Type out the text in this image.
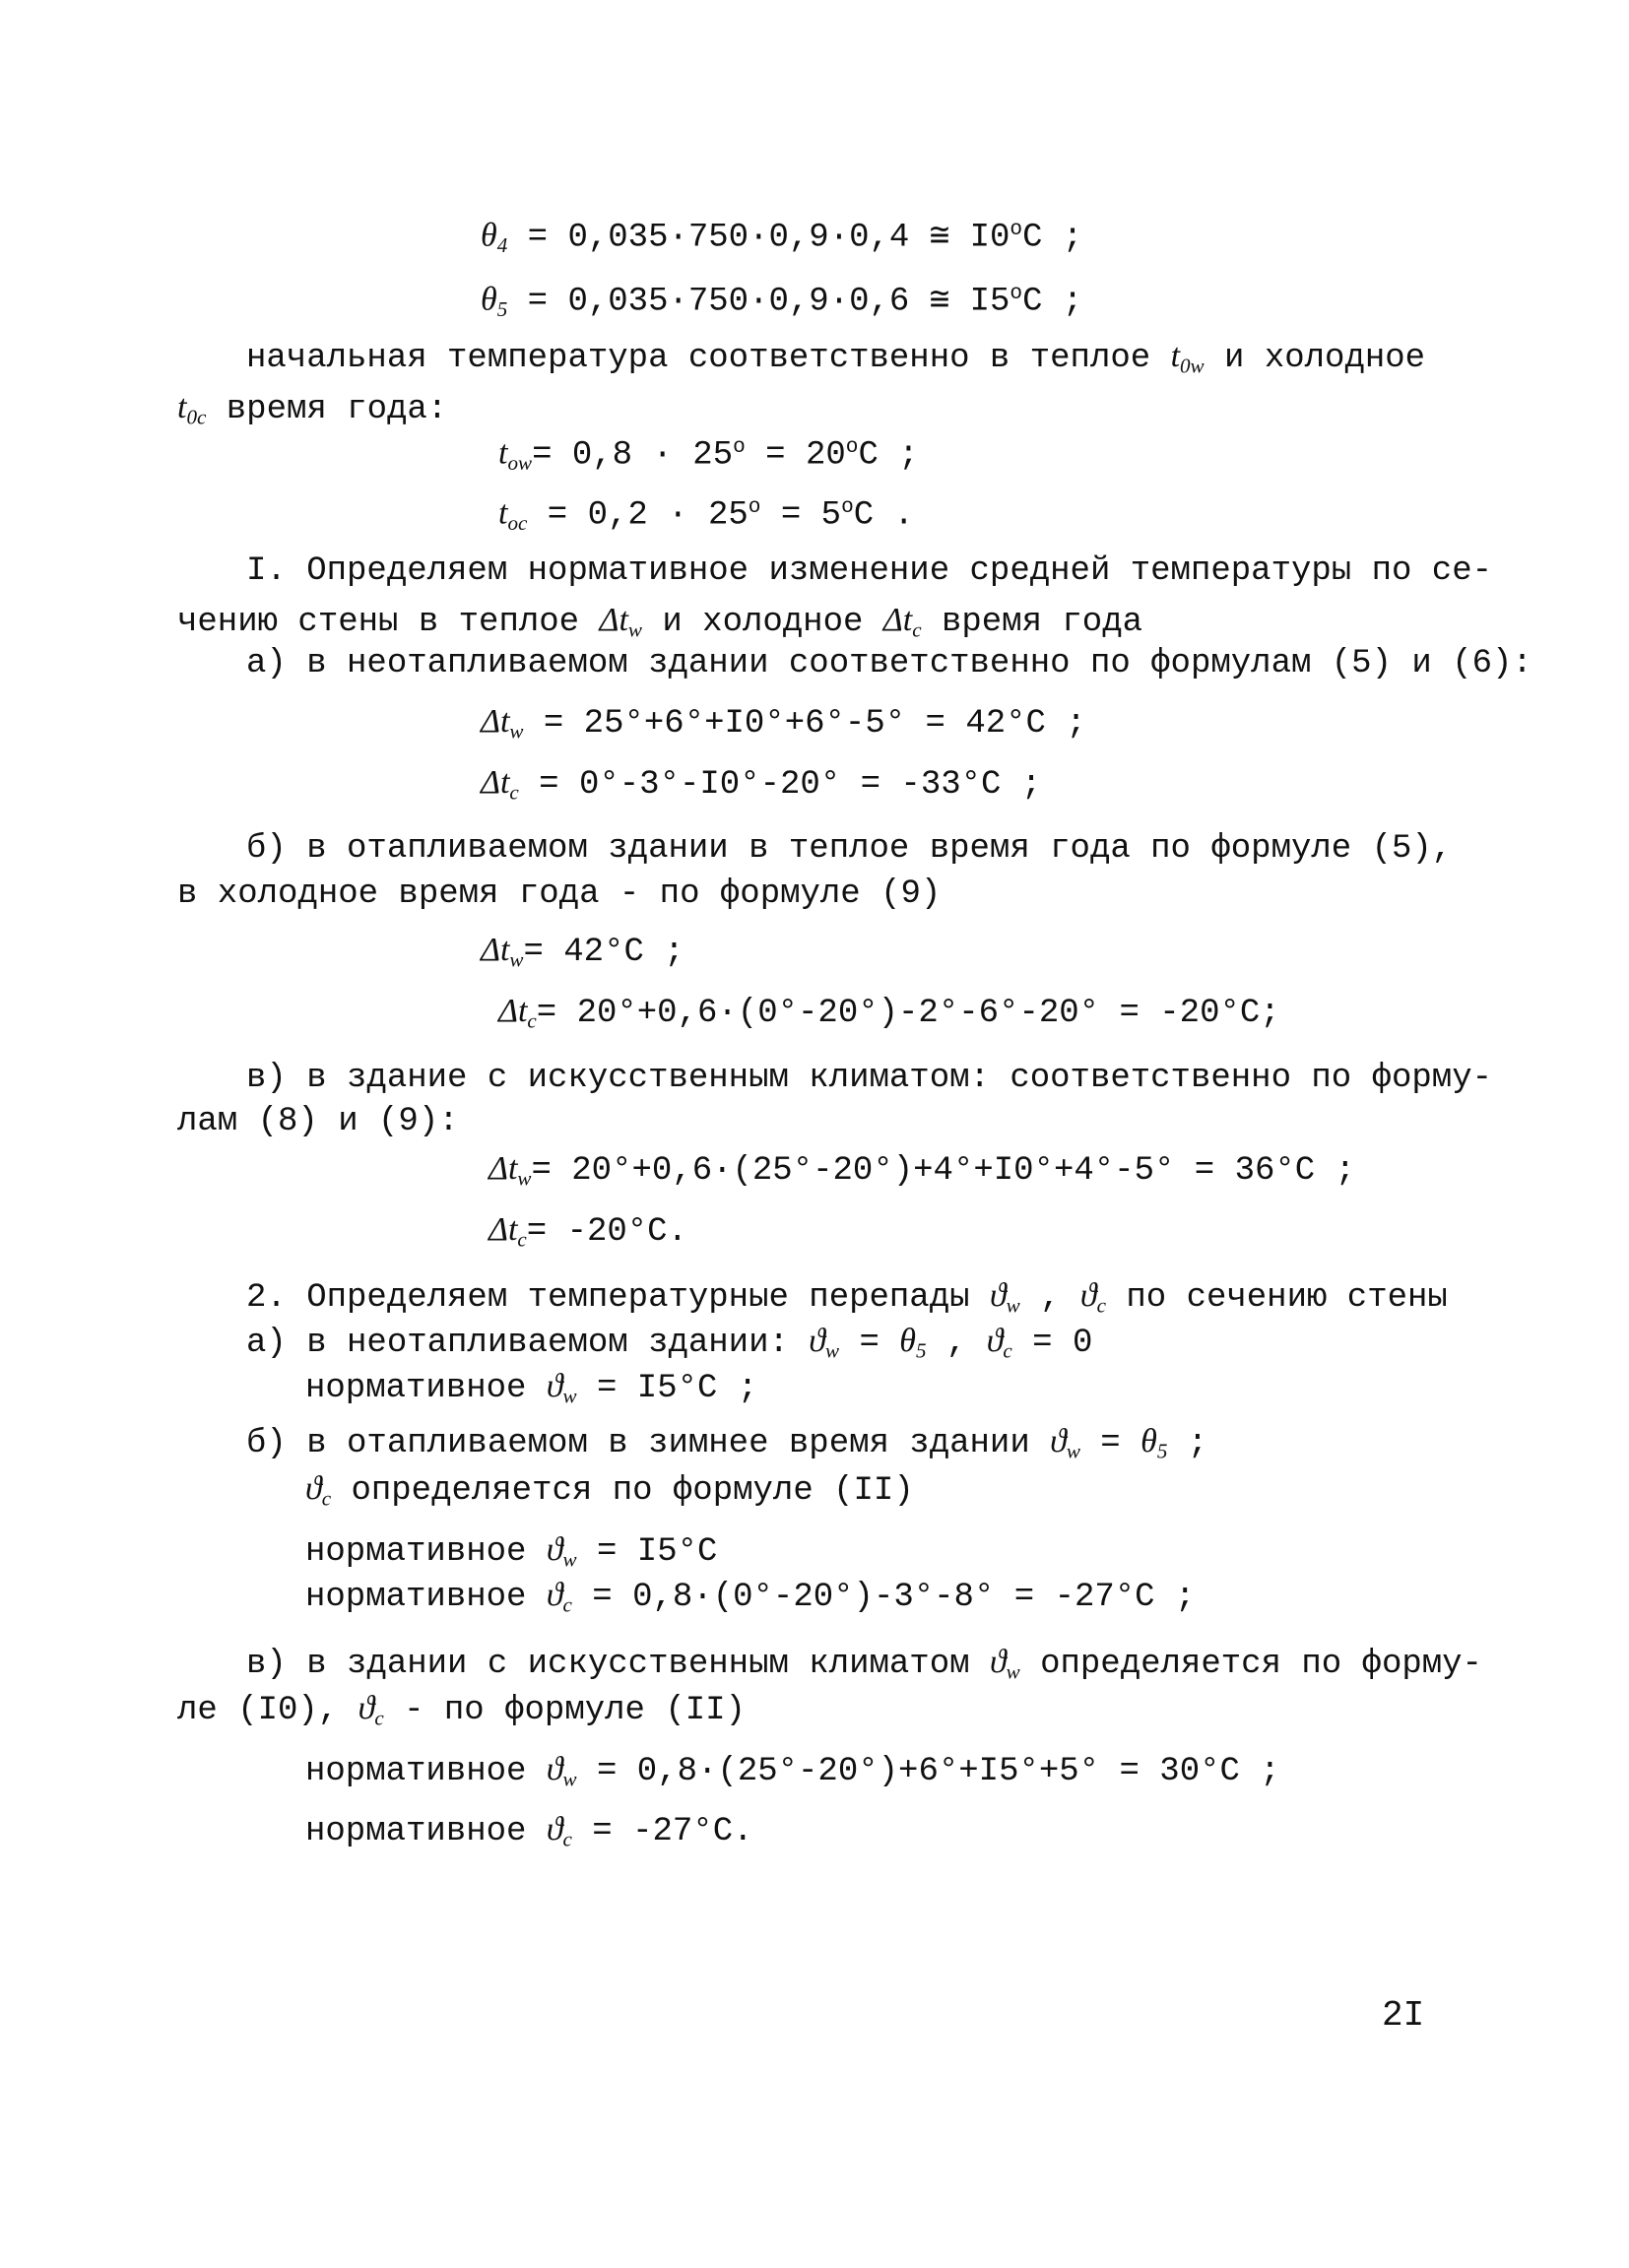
$\theta_4 = 0,035\cdot 750\cdot 0,9\cdot 0,4$ ≅ I0$^o$С ;
$\theta_5 = 0,035\cdot 750\cdot 0,9\cdot 0,6$ ≅ I5$^o$С ;
начальная температура соответственно в теплое $t_{0w}$ и холодное
$t_{0c}$ время года:
$t_{ow}= 0,8 \cdot 25^o = 20^oС$ ;
$t_{oc} = 0,2 \cdot 25^o = 5^oС$ .
I. Определяем нормативное изменение средней температуры по се-
чению стены в теплое $\Delta t_w$ и холодное $\Delta t_c$ время года
а) в неотапливаемом здании соответственно по формулам (5) и (6):
$\Delta t_w = 25^\circ+6^\circ+I0^\circ+6^\circ-5^\circ = 42^\circ С$ ;
$\Delta t_c = 0^\circ-3^\circ-I0^\circ-20^\circ = -33^\circ С$ ;
б) в отапливаемом здании в теплое время года по формуле (5),
в холодное время года - по формуле (9)
$\Delta t_w= 42^\circ С$ ;
$\Delta t_c= 20^\circ+0,6\cdot(0^\circ-20^\circ)-2^\circ-6^\circ-20^\circ = -20^\circ С$;
в) в здание с искусственным климатом: соответственно по форму-
лам (8) и (9):
$\Delta t_w= 20^\circ+0,6\cdot(25^\circ-20^\circ)+4^\circ+I0^\circ+4^\circ-5^\circ = 36^\circ С$ ;
$\Delta t_c= -20^\circ С$.
2. Определяем температурные перепады $ϑ_w$ , $ϑ_c$ по сечению стены
а) в неотапливаемом здании: $ϑ_w = \theta_5$ , $ϑ_c = 0$
нормативное $ϑ_w = I5^\circ С$ ;
б) в отапливаемом в зимнее время здании $ϑ_w = \theta_5$ ;
$ϑ_c$ определяется по формуле (II)
нормативное $ϑ_w = I5^\circ С$
нормативное $ϑ_c = 0,8\cdot(0^\circ-20^\circ)-3^\circ-8^\circ = -27^\circ С$ ;
в) в здании с искусственным климатом $ϑ_w$ определяется по форму-
ле (I0), $ϑ_c$ - по формуле (II)
нормативное $ϑ_w = 0,8\cdot(25^\circ-20^\circ)+6^\circ+I5^\circ+5^\circ = 30^\circ С$ ;
нормативное $ϑ_c = -27^\circ С$.
2I
